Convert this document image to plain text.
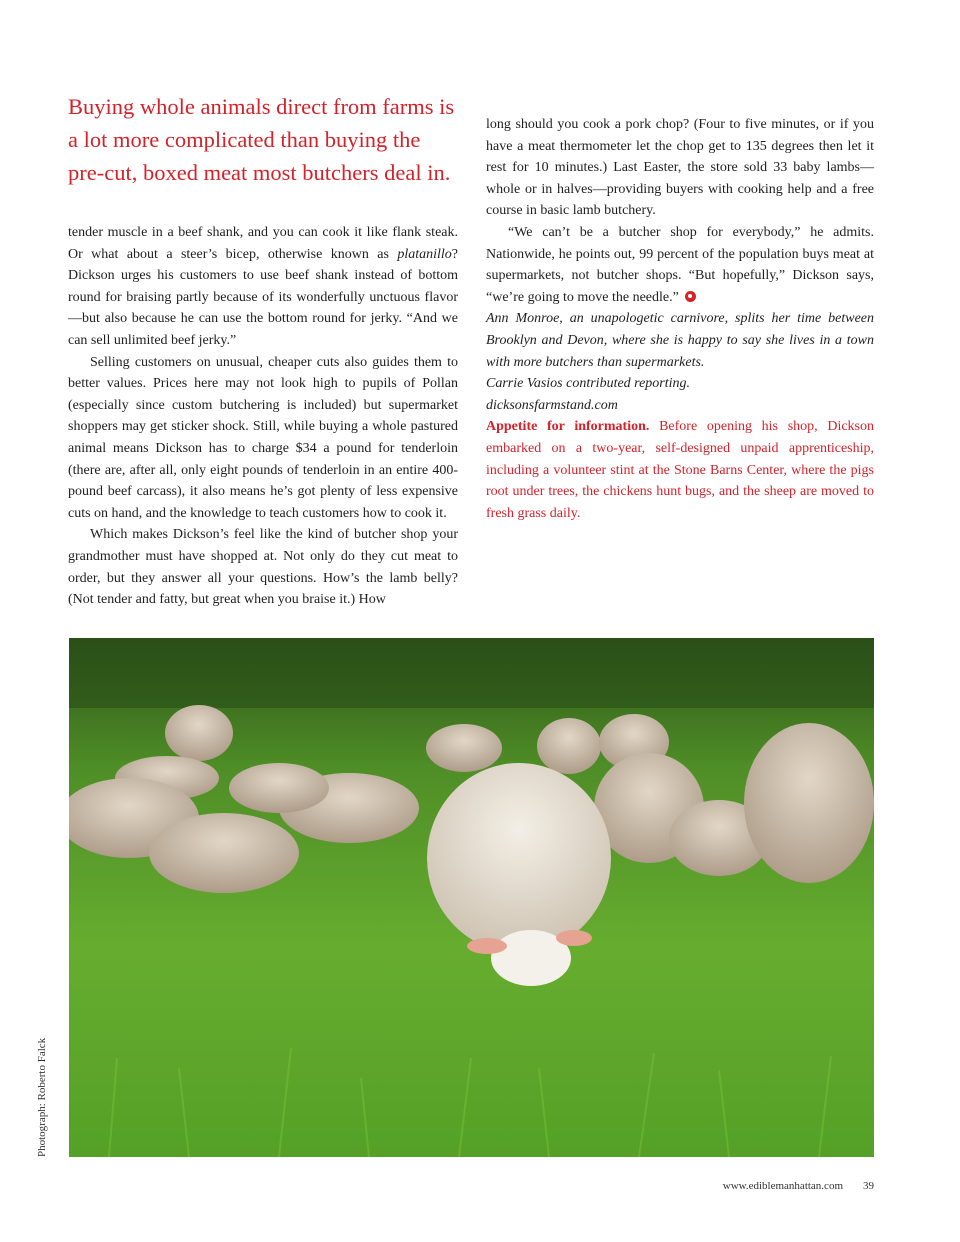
Buying whole animals direct from farms is a lot more complicated than buying the pre-cut, boxed meat most butchers deal in.

tender muscle in a beef shank, and you can cook it like flank steak. Or what about a steer’s bicep, otherwise known as platanillo? Dickson urges his customers to use beef shank instead of bottom round for braising partly because of its wonderfully unctuous flavor—but also because he can use the bottom round for jerky. “And we can sell unlimited beef jerky.”

Selling customers on unusual, cheaper cuts also guides them to better values. Prices here may not look high to pupils of Pollan (especially since custom butchering is included) but supermarket shoppers may get sticker shock. Still, while buying a whole pastured animal means Dickson has to charge $34 a pound for tenderloin (there are, after all, only eight pounds of tenderloin in an entire 400-pound beef carcass), it also means he’s got plenty of less expensive cuts on hand, and the knowledge to teach customers how to cook it.

Which makes Dickson’s feel like the kind of butcher shop your grandmother must have shopped at. Not only do they cut meat to order, but they answer all your questions. How’s the lamb belly? (Not tender and fatty, but great when you braise it.) How

long should you cook a pork chop? (Four to five minutes, or if you have a meat thermometer let the chop get to 135 degrees then let it rest for 10 minutes.) Last Easter, the store sold 33 baby lambs—whole or in halves—providing buyers with cooking help and a free course in basic lamb butchery.

“We can’t be a butcher shop for everybody,” he admits. Nationwide, he points out, 99 percent of the population buys meat at supermarkets, not butcher shops. “But hopefully,” Dickson says, “we’re going to move the needle.”

Ann Monroe, an unapologetic carnivore, splits her time between Brooklyn and Devon, where she is happy to say she lives in a town with more butchers than supermarkets.

Carrie Vasios contributed reporting.

dicksonsfarmstand.com

Appetite for information. Before opening his shop, Dickson embarked on a two-year, self-designed unpaid apprenticeship, including a volunteer stint at the Stone Barns Center, where the pigs root under trees, the chickens hunt bugs, and the sheep are moved to fresh grass daily.

Photograph: Roberto Falck
www.ediblemanhattan.com 39
